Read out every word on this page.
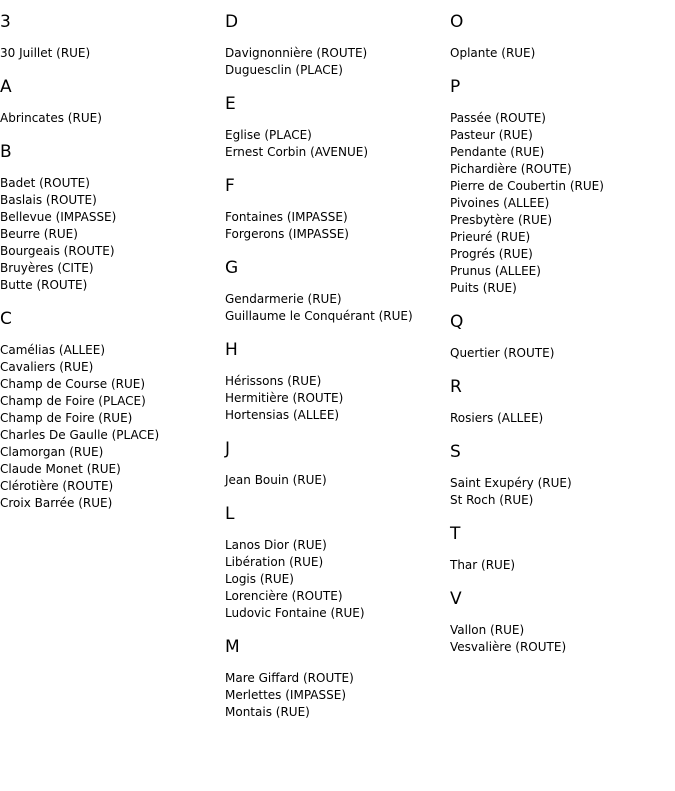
3
30 Juillet (RUE)
A
Abrincates (RUE)
B
Badet (ROUTE)
Baslais (ROUTE)
Bellevue (IMPASSE)
Beurre (RUE)
Bourgeais (ROUTE)
Bruyères (CITE)
Butte (ROUTE)
C
Camélias (ALLEE)
Cavaliers (RUE)
Champ de Course (RUE)
Champ de Foire (PLACE)
Champ de Foire (RUE)
Charles De Gaulle (PLACE)
Clamorgan (RUE)
Claude Monet (RUE)
Clérotière (ROUTE)
Croix Barrée (RUE)
D
Davignonnière (ROUTE)
Duguesclin (PLACE)
E
Eglise (PLACE)
Ernest Corbin (AVENUE)
F
Fontaines (IMPASSE)
Forgerons (IMPASSE)
G
Gendarmerie (RUE)
Guillaume le Conquérant (RUE)
H
Hérissons (RUE)
Hermitière (ROUTE)
Hortensias (ALLEE)
J
Jean Bouin (RUE)
L
Lanos Dior (RUE)
Libération (RUE)
Logis (RUE)
Lorencière (ROUTE)
Ludovic Fontaine (RUE)
M
Mare Giffard (ROUTE)
Merlettes (IMPASSE)
Montais (RUE)
O
Oplante (RUE)
P
Passée (ROUTE)
Pasteur (RUE)
Pendante (RUE)
Pichardière (ROUTE)
Pierre de Coubertin (RUE)
Pivoines (ALLEE)
Presbytère (RUE)
Prieuré (RUE)
Progrés (RUE)
Prunus (ALLEE)
Puits (RUE)
Q
Quertier (ROUTE)
R
Rosiers (ALLEE)
S
Saint Exupéry (RUE)
St Roch (RUE)
T
Thar (RUE)
V
Vallon (RUE)
Vesvalière (ROUTE)
